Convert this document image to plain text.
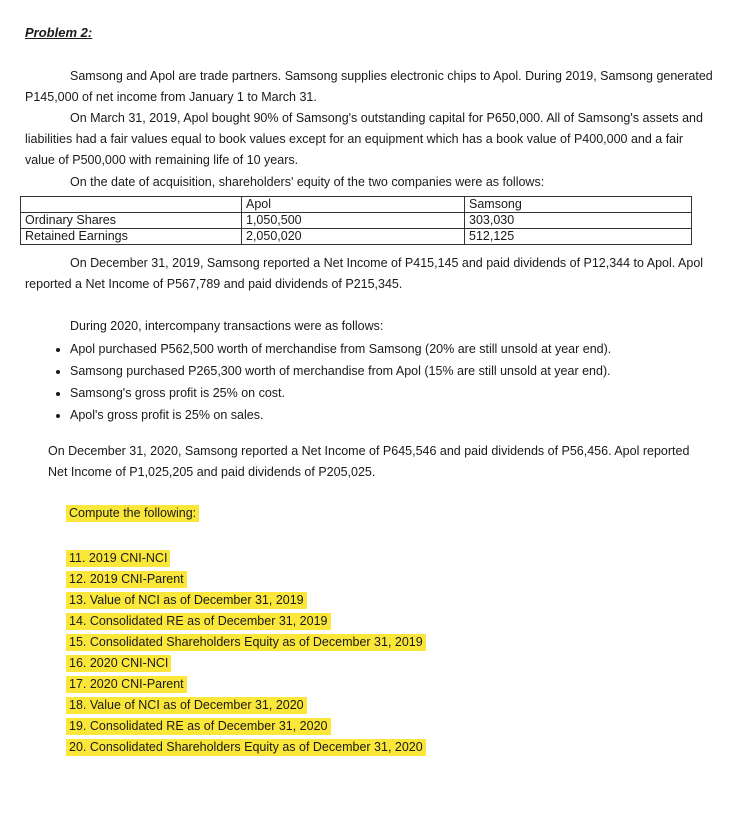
Problem 2:

Samsong and Apol are trade partners. Samsong supplies electronic chips to Apol. During 2019, Samsong generated P145,000 of net income from January 1 to March 31.

On March 31, 2019, Apol bought 90% of Samsong's outstanding capital for P650,000. All of Samsong's assets and liabilities had a fair values equal to book values except for an equipment which has a book value of P400,000 and a fair value of P500,000 with remaining life of 10 years.

On the date of acquisition, shareholders' equity of the two companies were as follows:

	Apol	Samsong
Ordinary Shares	1,050,500	303,030
Retained Earnings	2,050,020	512,125

On December 31, 2019, Samsong reported a Net Income of P415,145 and paid dividends of P12,344 to Apol. Apol reported a Net Income of P567,789 and paid dividends of P215,345.

During 2020, intercompany transactions were as follows:

• Apol purchased P562,500 worth of merchandise from Samsong (20% are still unsold at year end).
• Samsong purchased P265,300 worth of merchandise from Apol (15% are still unsold at year end).
• Samsong's gross profit is 25% on cost.
• Apol's gross profit is 25% on sales.

On December 31, 2020, Samsong reported a Net Income of P645,546 and paid dividends of P56,456. Apol reported Net Income of P1,025,205 and paid dividends of P205,025.

Compute the following:
11. 2019 CNI-NCI
12. 2019 CNI-Parent
13. Value of NCI as of December 31, 2019
14. Consolidated RE as of December 31, 2019
15. Consolidated Shareholders Equity as of December 31, 2019
16. 2020 CNI-NCI
17. 2020 CNI-Parent
18. Value of NCI as of December 31, 2020
19. Consolidated RE as of December 31, 2020
20. Consolidated Shareholders Equity as of December 31, 2020
